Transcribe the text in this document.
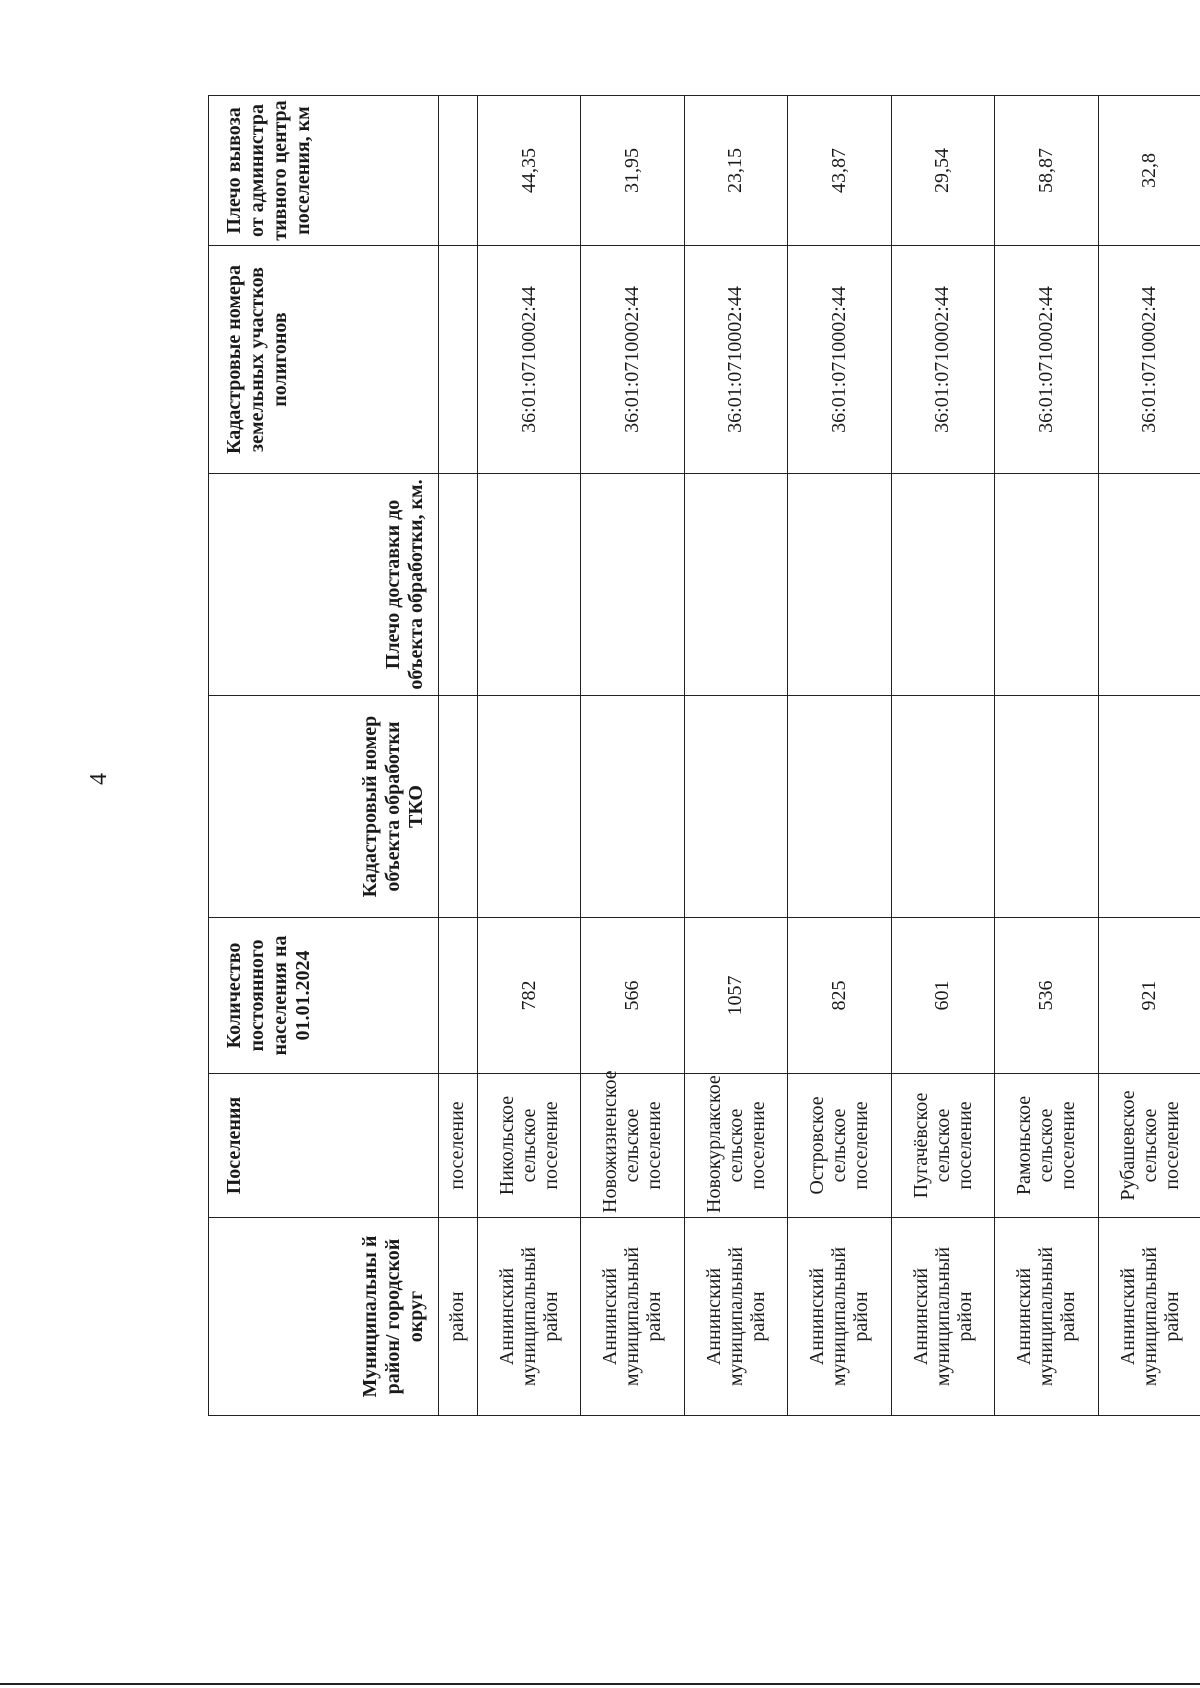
4
Муниципальны й район/ городской округ	Поселения	Количество постоянного населения на 01.01.2024	Кадастровый номер объекта обработки ТКО	Плечо доставки до объекта обработки, км.	Кадастровые номера земельных участков полигонов	Плечо вывоза от администра тивного центра поселения, км
район	поселение					
Аннинский муниципальный район	Никольское сельское поселение	782			36:01:0710002:44	44,35
Аннинский муниципальный район	Новожизненское сельское поселение	566			36:01:0710002:44	31,95
Аннинский муниципальный район	Новокурлакское сельское поселение	1057			36:01:0710002:44	23,15
Аннинский муниципальный район	Островское сельское поселение	825			36:01:0710002:44	43,87
Аннинский муниципальный район	Пугачёвское сельское поселение	601			36:01:0710002:44	29,54
Аннинский муниципальный район	Рамоньское сельское поселение	536			36:01:0710002:44	58,87
Аннинский муниципальный район	Рубашевское сельское поселение	921			36:01:0710002:44	32,8
